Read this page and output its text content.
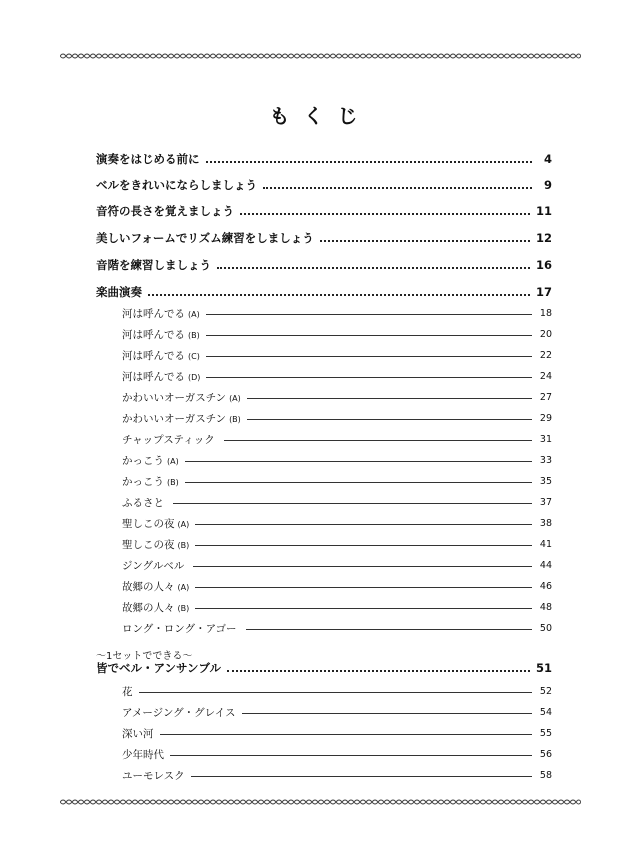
もくじ
演奏をはじめる前に	4
ベルをきれいにならしましょう	9
音符の長さを覚えましょう	11
美しいフォームでリズム練習をしましょう	12
音階を練習しましょう	16
楽曲演奏	17
河は呼んでる (A)	18
河は呼んでる (B)	20
河は呼んでる (C)	22
河は呼んでる (D)	24
かわいいオーガスチン (A)	27
かわいいオーガスチン (B)	29
チャップスティック	31
かっこう (A)	33
かっこう (B)	35
ふるさと	37
聖しこの夜 (A)	38
聖しこの夜 (B)	41
ジングルベル	44
故郷の人々 (A)	46
故郷の人々 (B)	48
ロング・ロング・アゴー	50
〜1セットでできる〜
皆でベル・アンサンブル	51
花	52
アメージング・グレイス	54
深い河	55
少年時代	56
ユーモレスク	58
